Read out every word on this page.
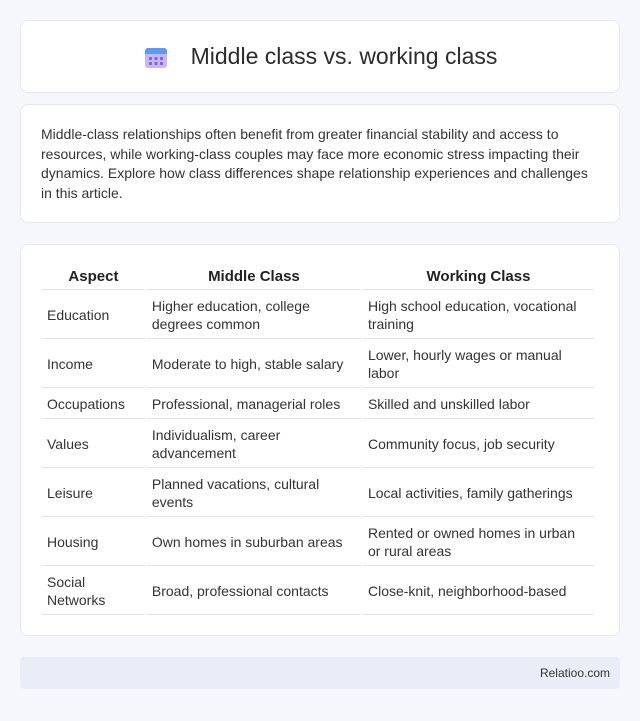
Middle class vs. working class

Middle-class relationships often benefit from greater financial stability and access to resources, while working-class couples may face more economic stress impacting their dynamics. Explore how class differences shape relationship experiences and challenges in this article.

Aspect	Middle Class	Working Class
Education	Higher education, college degrees common	High school education, vocational training
Income	Moderate to high, stable salary	Lower, hourly wages or manual labor
Occupations	Professional, managerial roles	Skilled and unskilled labor
Values	Individualism, career advancement	Community focus, job security
Leisure	Planned vacations, cultural events	Local activities, family gatherings
Housing	Own homes in suburban areas	Rented or owned homes in urban or rural areas
Social Networks	Broad, professional contacts	Close-knit, neighborhood-based
Relatioo.com
